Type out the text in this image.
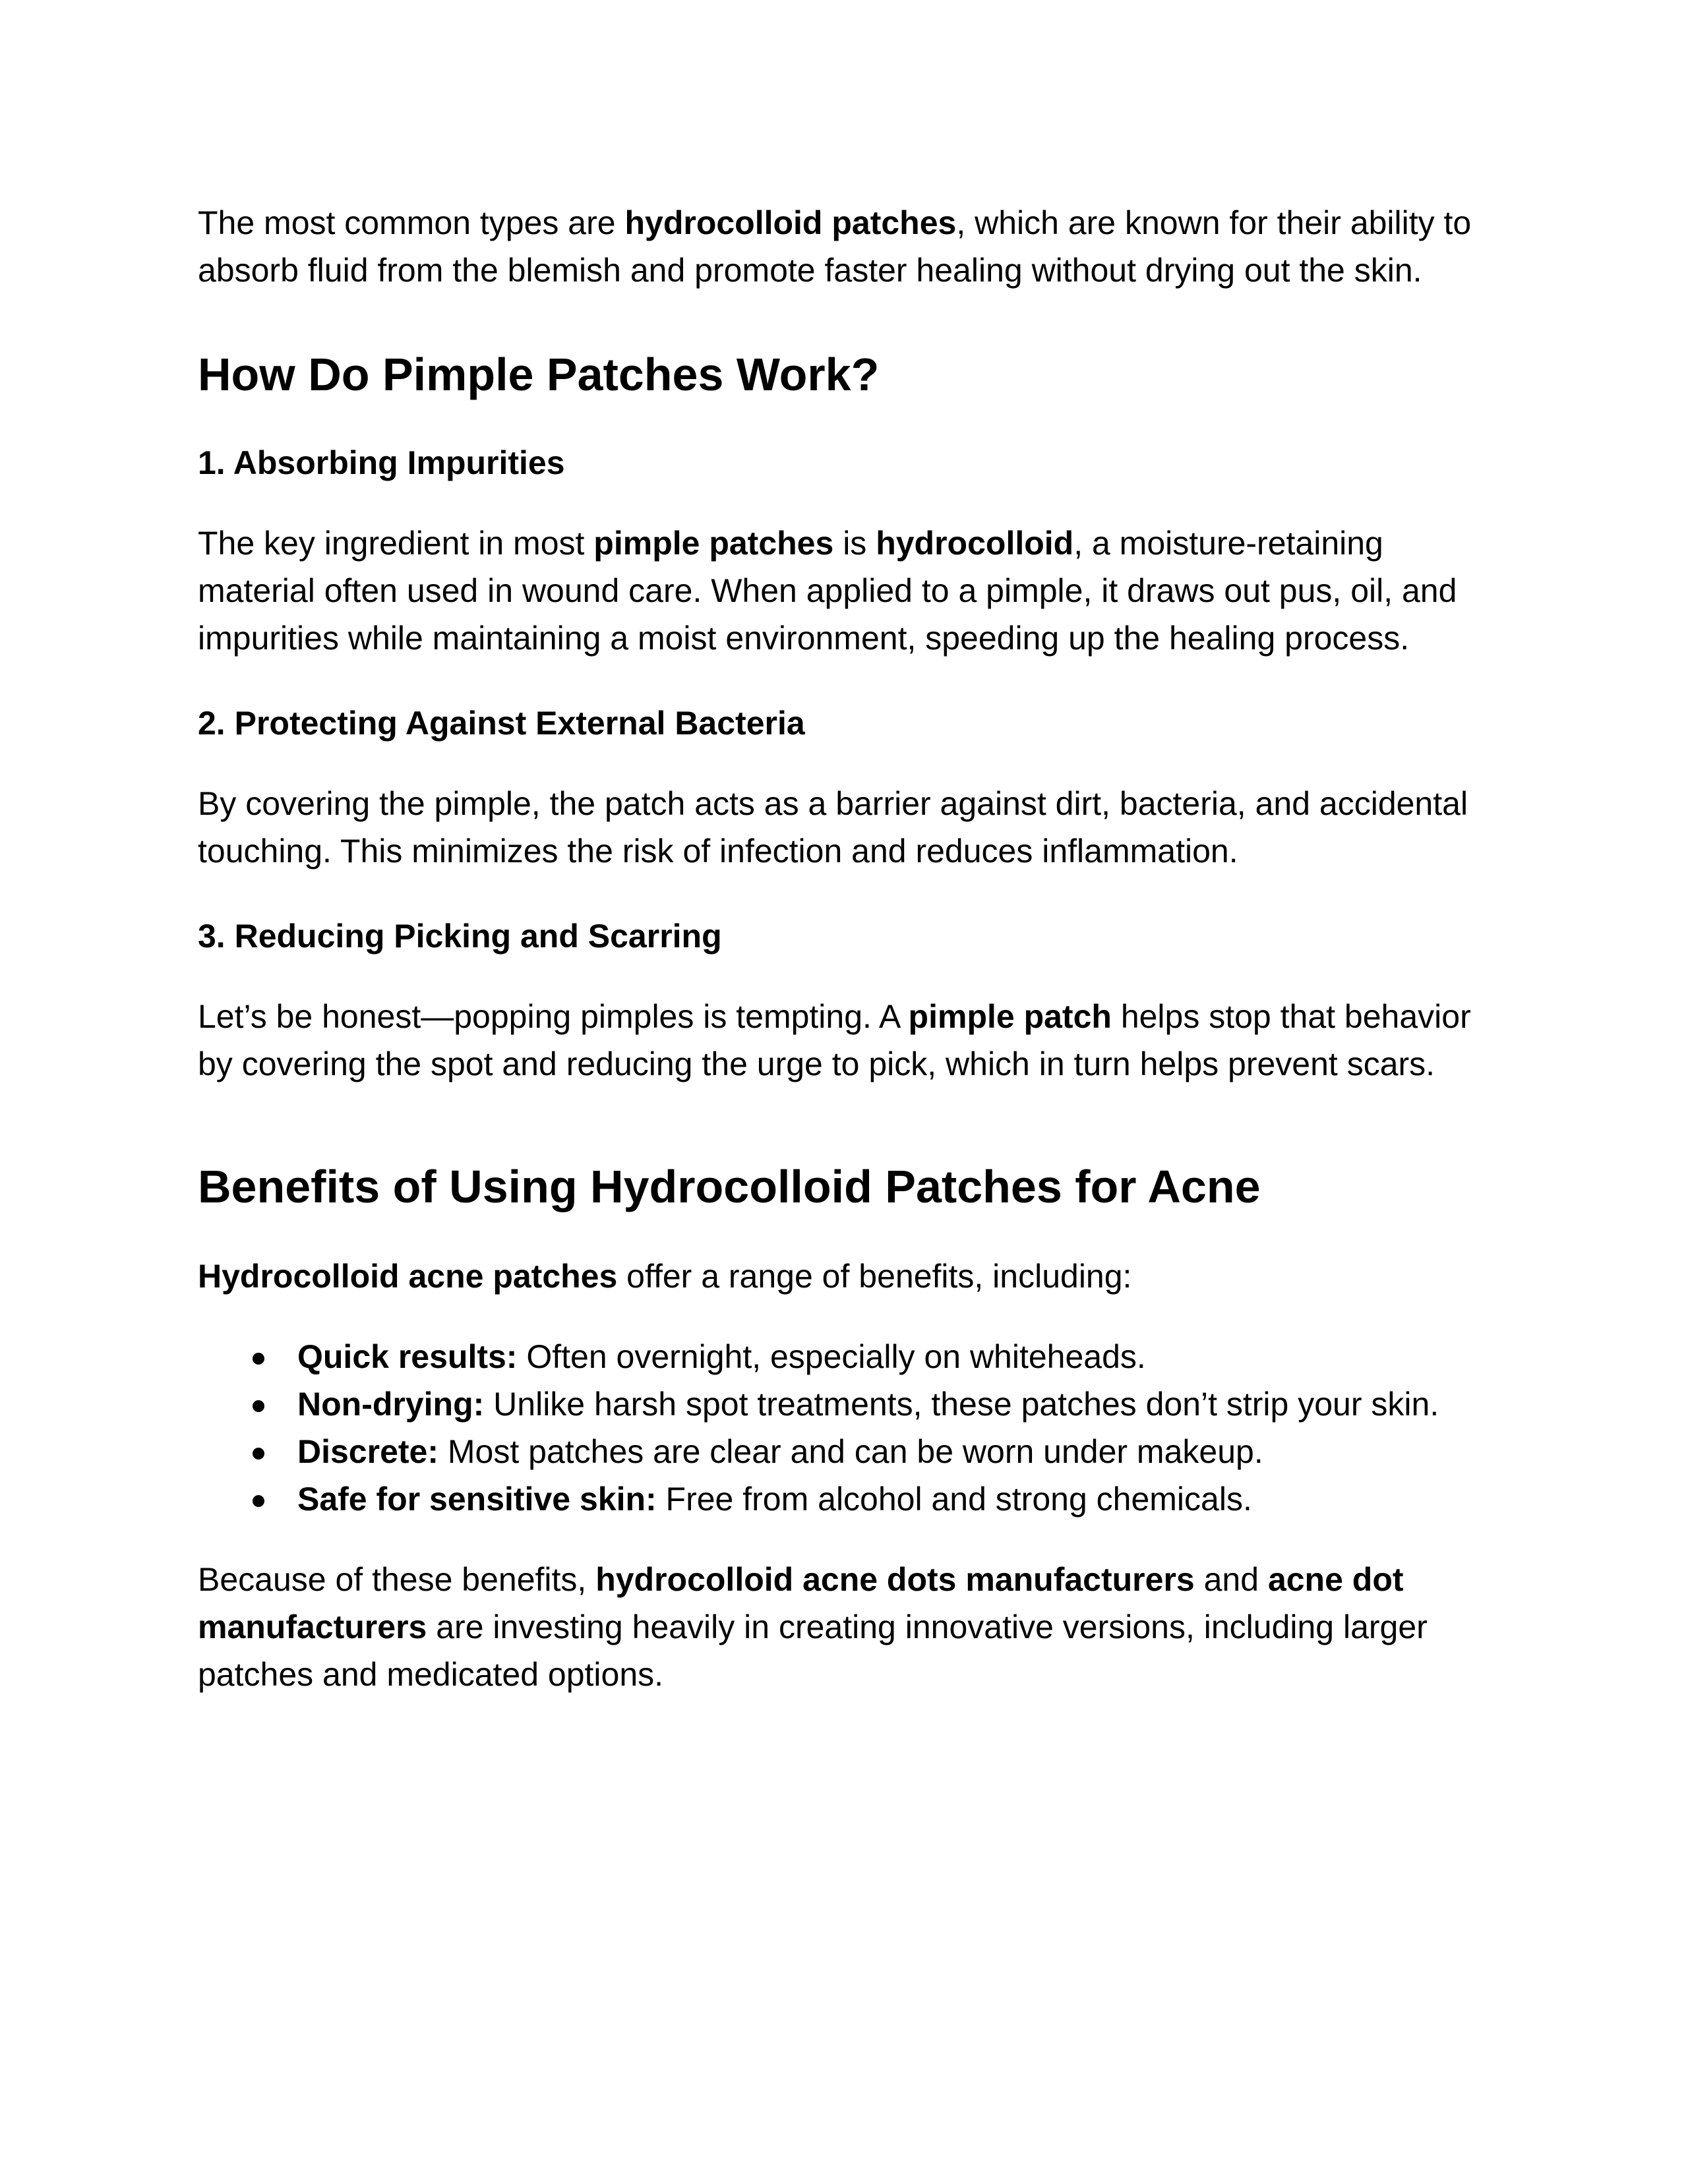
The most common types are hydrocolloid patches, which are known for their ability to absorb fluid from the blemish and promote faster healing without drying out the skin.

How Do Pimple Patches Work?
1. Absorbing Impurities

The key ingredient in most pimple patches is hydrocolloid, a moisture-retaining material often used in wound care. When applied to a pimple, it draws out pus, oil, and impurities while maintaining a moist environment, speeding up the healing process.

2. Protecting Against External Bacteria

By covering the pimple, the patch acts as a barrier against dirt, bacteria, and accidental touching. This minimizes the risk of infection and reduces inflammation.

3. Reducing Picking and Scarring

Let’s be honest—popping pimples is tempting. A pimple patch helps stop that behavior by covering the spot and reducing the urge to pick, which in turn helps prevent scars.

Benefits of Using Hydrocolloid Patches for Acne

Hydrocolloid acne patches offer a range of benefits, including:

Quick results: Often overnight, especially on whiteheads.
Non-drying: Unlike harsh spot treatments, these patches don’t strip your skin.
Discrete: Most patches are clear and can be worn under makeup.
Safe for sensitive skin: Free from alcohol and strong chemicals.

Because of these benefits, hydrocolloid acne dots manufacturers and acne dot manufacturers are investing heavily in creating innovative versions, including larger patches and medicated options.
